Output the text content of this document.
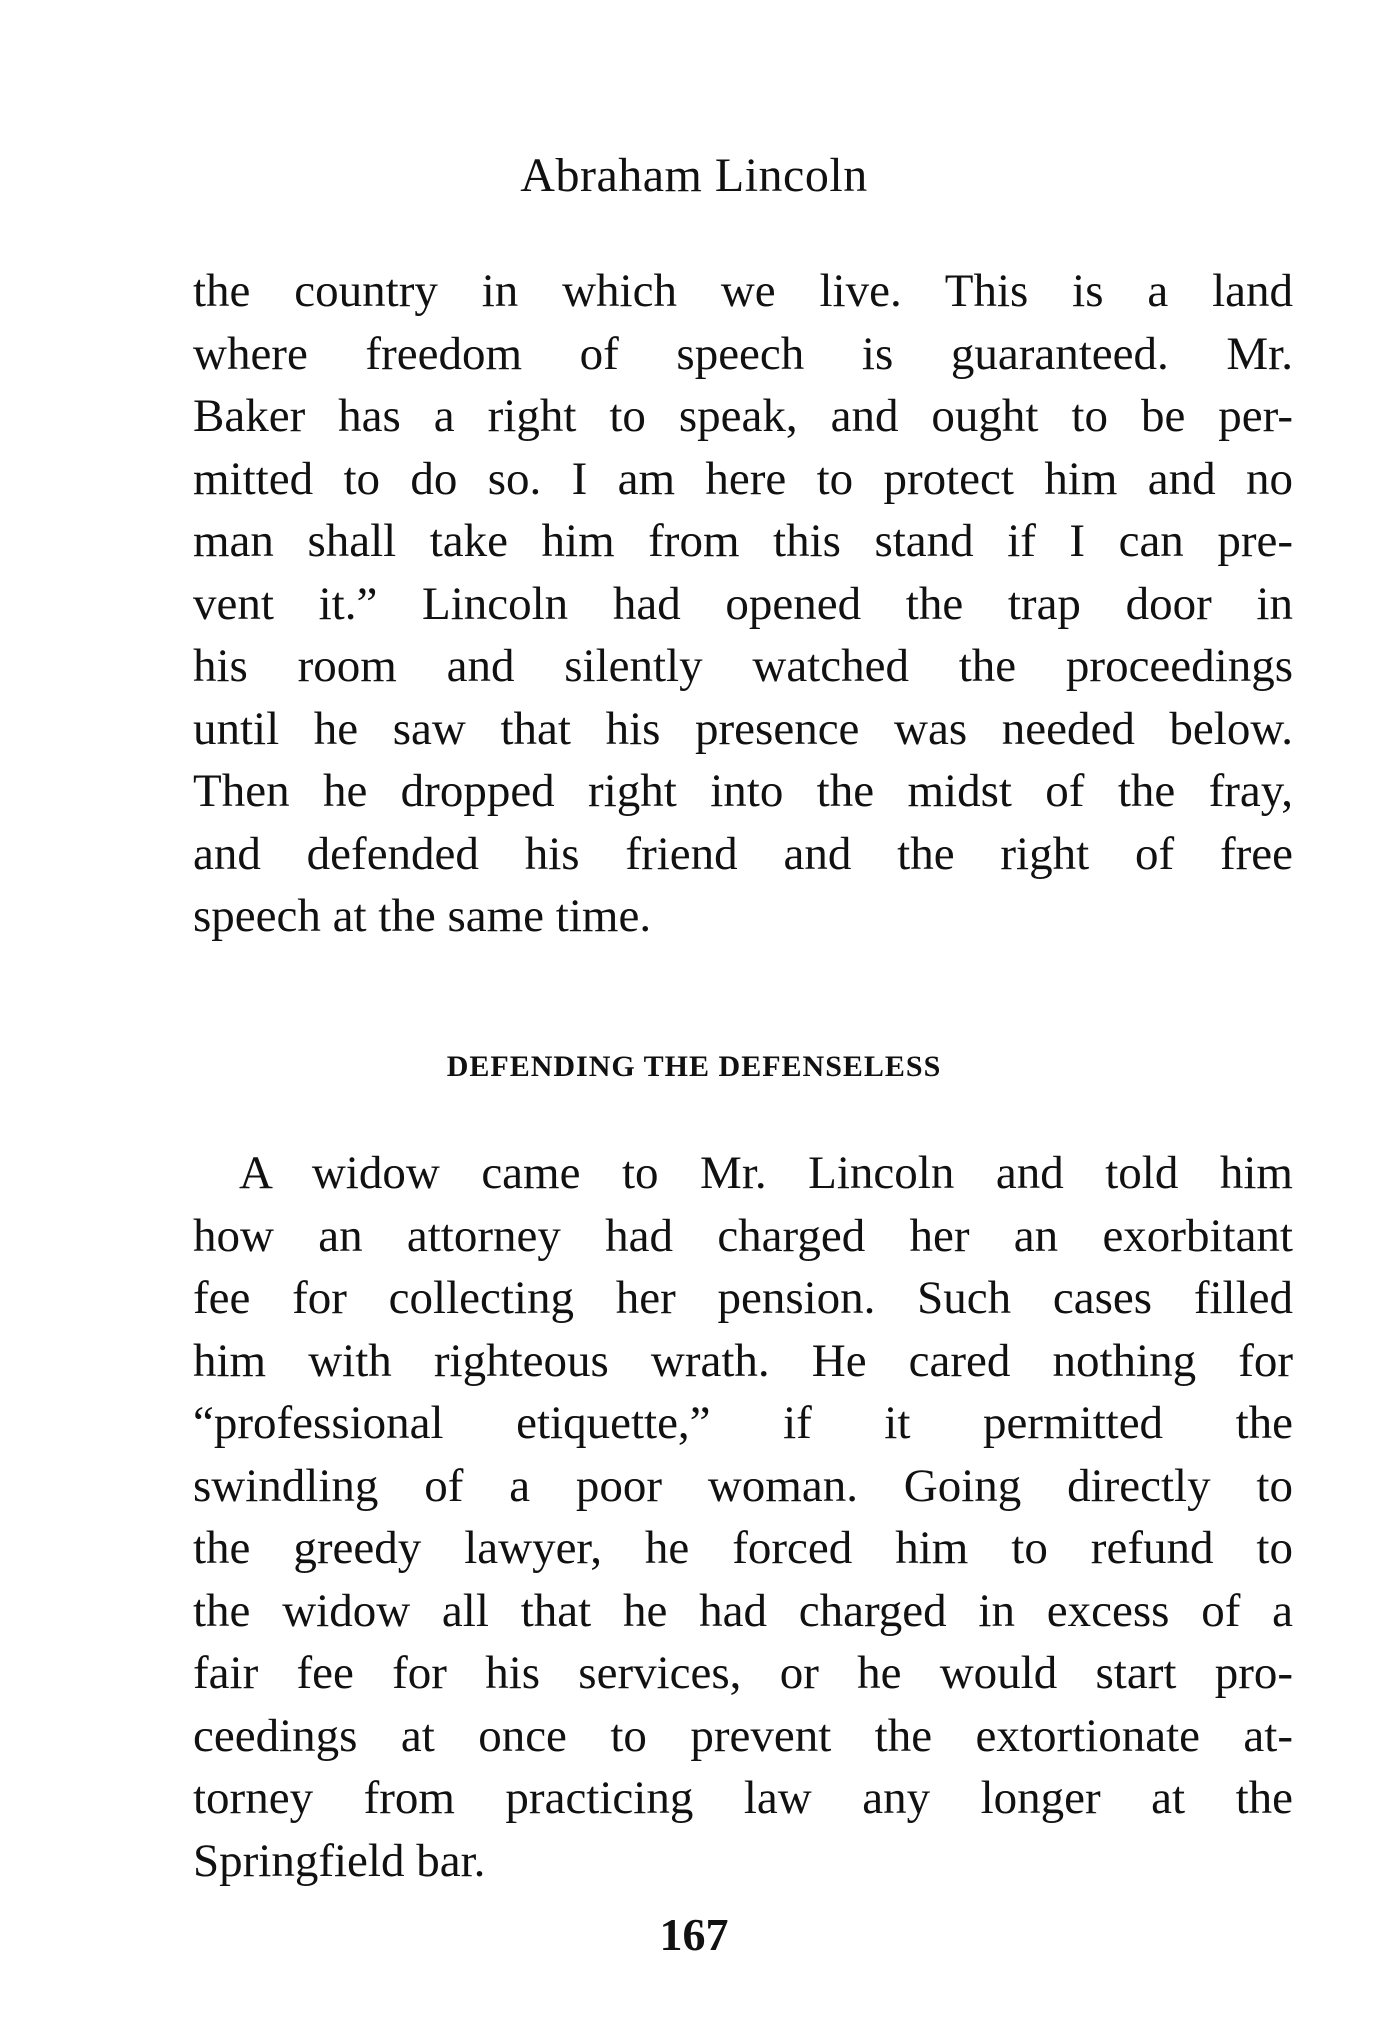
Abraham Lincoln
the country in which we live. This is a land
where freedom of speech is guaranteed. Mr.
Baker has a right to speak, and ought to be per-
mitted to do so. I am here to protect him and no
man shall take him from this stand if I can pre-
vent it.” Lincoln had opened the trap door in
his room and silently watched the proceedings
until he saw that his presence was needed below.
Then he dropped right into the midst of the fray,
and defended his friend and the right of free
speech at the same time.
DEFENDING THE DEFENSELESS
A widow came to Mr. Lincoln and told him
how an attorney had charged her an exorbitant
fee for collecting her pension. Such cases filled
him with righteous wrath. He cared nothing for
“professional etiquette,” if it permitted the
swindling of a poor woman. Going directly to
the greedy lawyer, he forced him to refund to
the widow all that he had charged in excess of a
fair fee for his services, or he would start pro-
ceedings at once to prevent the extortionate at-
torney from practicing law any longer at the
Springfield bar.
167
